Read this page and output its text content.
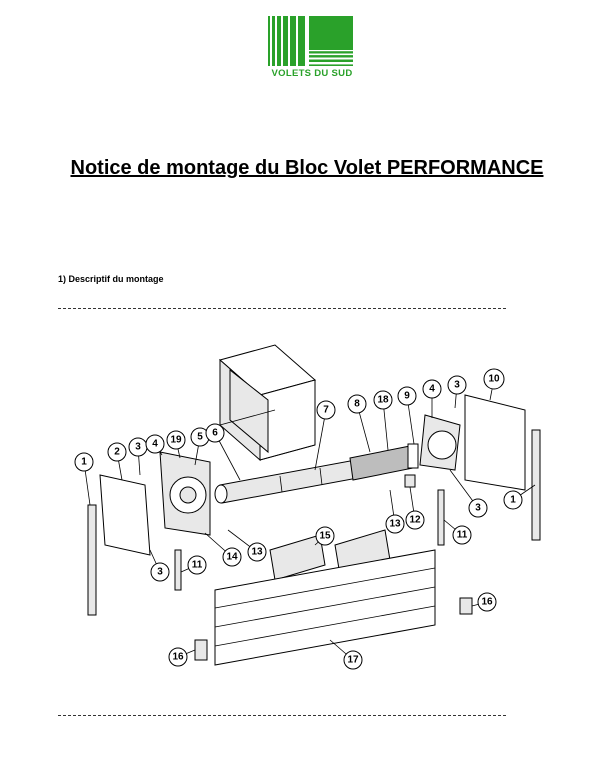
VOLETS DU SUD
Notice de montage du Bloc Volet PERFORMANCE
1) Descriptif du montage
1
2 3 4 19 5 6
7
8 18 9
4 3
10
3
1
11
12
13
13
14
15
3
11
16
16	17
